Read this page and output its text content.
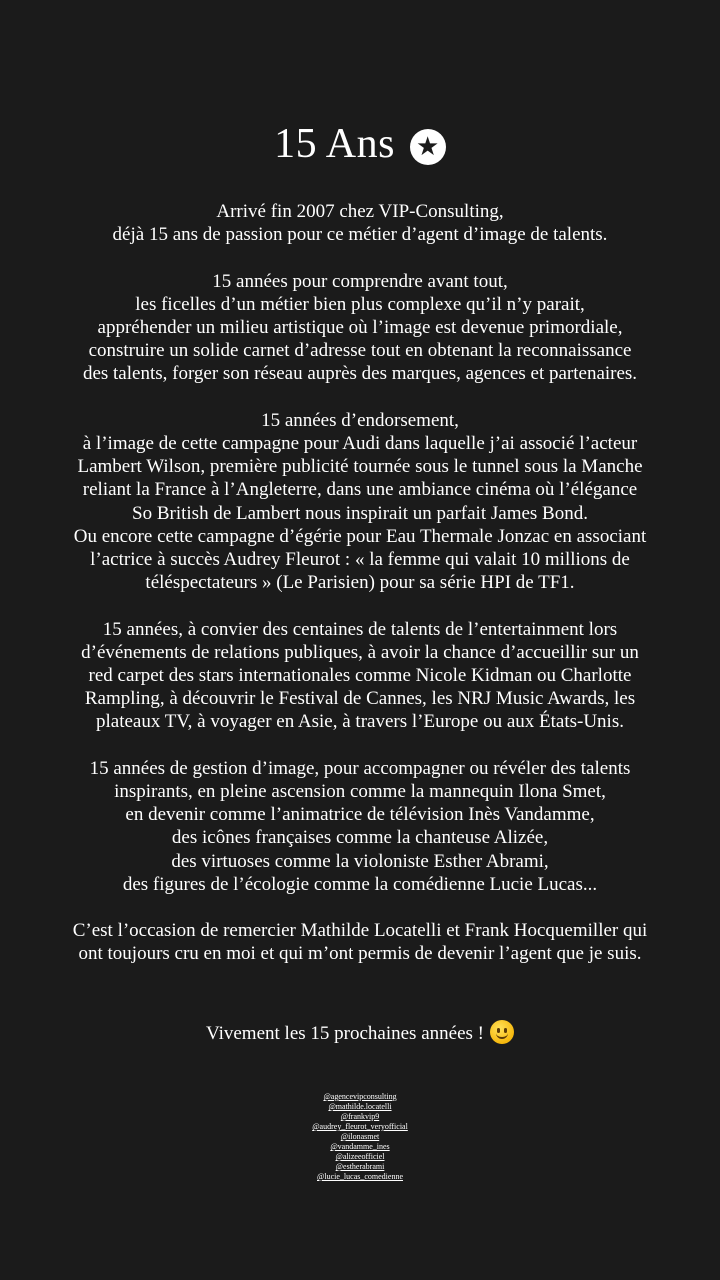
15 Ans ★
Arrivé fin 2007 chez VIP-Consulting,
déjà 15 ans de passion pour ce métier d’agent d’image de talents.
15 années pour comprendre avant tout,
les ficelles d’un métier bien plus complexe qu’il n’y parait,
appréhender un milieu artistique où l’image est devenue primordiale,
construire un solide carnet d’adresse tout en obtenant la reconnaissance
des talents, forger son réseau auprès des marques, agences et partenaires.
15 années d’endorsement,
à l’image de cette campagne pour Audi dans laquelle j’ai associé l’acteur
Lambert Wilson, première publicité tournée sous le tunnel sous la Manche
reliant la France à l’Angleterre, dans une ambiance cinéma où l’élégance
So British de Lambert nous inspirait un parfait James Bond.
Ou encore cette campagne d’égérie pour Eau Thermale Jonzac en associant
l’actrice à succès Audrey Fleurot : « la femme qui valait 10 millions de
téléspectateurs » (Le Parisien) pour sa série HPI de TF1.
15 années, à convier des centaines de talents de l’entertainment lors
d’événements de relations publiques, à avoir la chance d’accueillir sur un
red carpet des stars internationales comme Nicole Kidman ou Charlotte
Rampling, à découvrir le Festival de Cannes, les NRJ Music Awards, les
plateaux TV, à voyager en Asie, à travers l’Europe ou aux États-Unis.
15 années de gestion d’image, pour accompagner ou révéler des talents
inspirants, en pleine ascension comme la mannequin Ilona Smet,
en devenir comme l’animatrice de télévision Inès Vandamme,
des icônes françaises comme la chanteuse Alizée,
des virtuoses comme la violoniste Esther Abrami,
des figures de l’écologie comme la comédienne Lucie Lucas...
C’est l’occasion de remercier Mathilde Locatelli et Frank Hocquemiller qui
ont toujours cru en moi et qui m’ont permis de devenir l’agent que je suis.
Vivement les 15 prochaines années !
@agencevipconsulting
@mathilde.locatelli
@frankvip9
@audrey_fleurot_veryofficial
@ilonasmet
@vandamme_ines
@alizeeofficiel
@estherabrami
@lucie_lucas_comedienne
